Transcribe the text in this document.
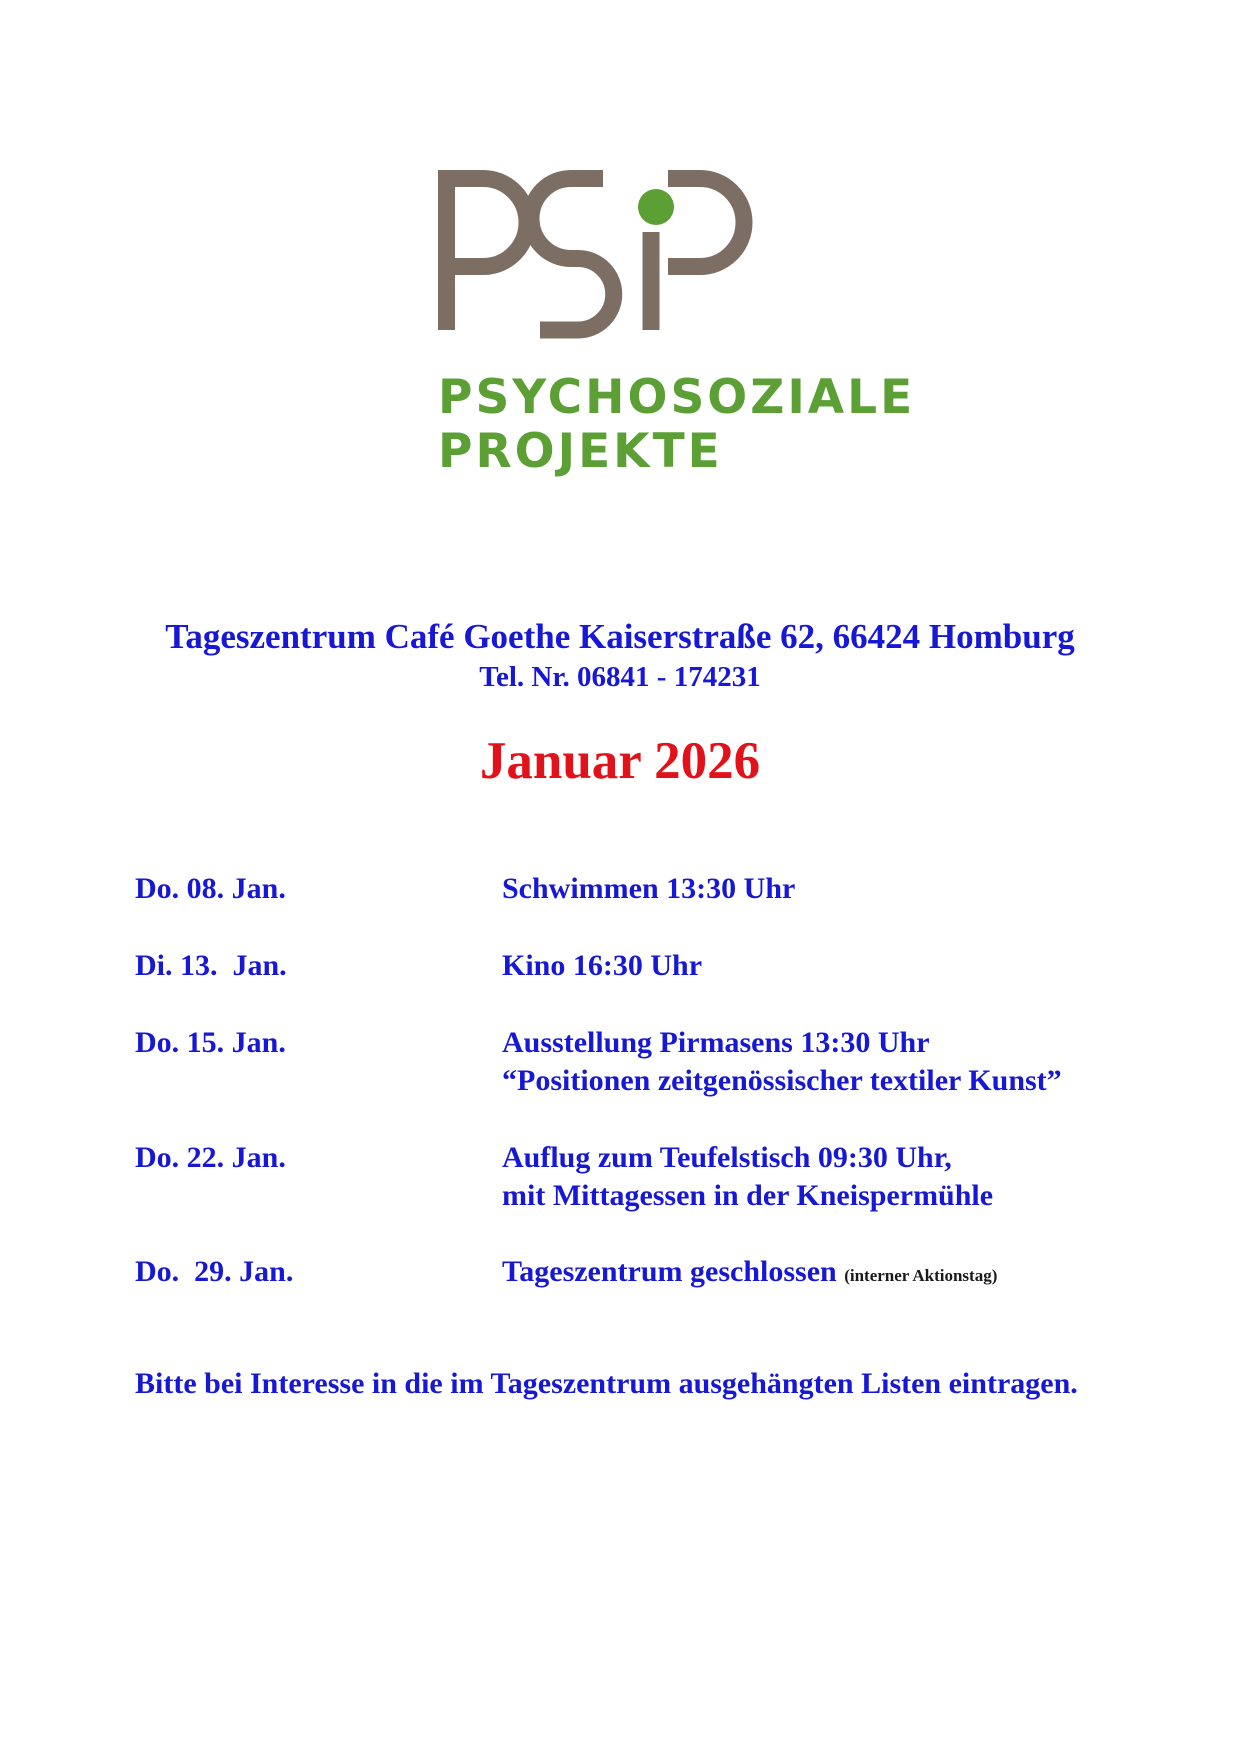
PSYCHOSOZIALE
PROJEKTE
Tageszentrum Café Goethe Kaiserstraße 62, 66424 Homburg
Tel. Nr. 06841 - 174231
Januar 2026
Do. 08. Jan.	Schwimmen 13:30 Uhr
Di. 13.  Jan.	Kino 16:30 Uhr
Do. 15. Jan.	Ausstellung Pirmasens 13:30 Uhr
“Positionen zeitgenössischer textiler Kunst”
Do. 22. Jan.	Auflug zum Teufelstisch 09:30 Uhr,
mit Mittagessen in der Kneispermühle
Do.  29. Jan.	Tageszentrum geschlossen (interner Aktionstag)

Bitte bei Interesse in die im Tageszentrum ausgehängten Listen eintragen.
